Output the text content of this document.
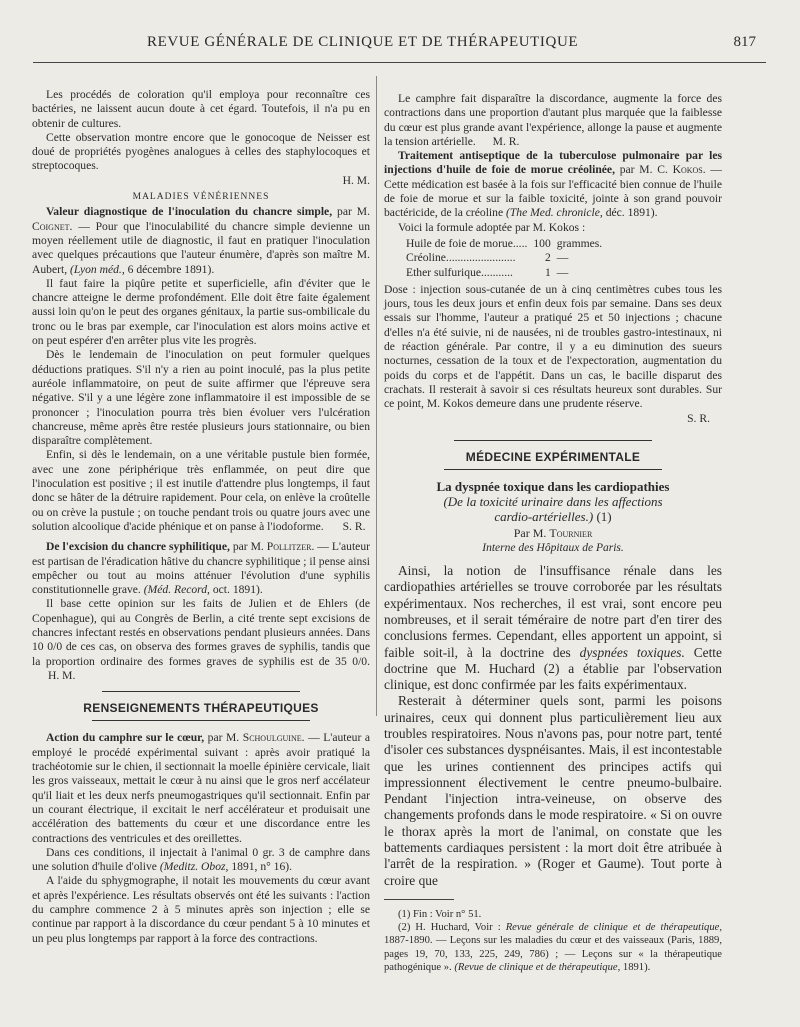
REVUE GÉNÉRALE DE CLINIQUE ET DE THÉRAPEUTIQUE	817

Les procédés de coloration qu'il employa pour reconnaître ces bactéries, ne laissent aucun doute à cet égard. Toutefois, il n'a pu en obtenir de cultures.

Cette observation montre encore que le gonocoque de Neisser est doué de propriétés pyogènes analogues à celles des staphylocoques et streptocoques.
H. M.

MALADIES VÉNÉRIENNES

Valeur diagnostique de l'inoculation du chancre simple, par M. Coignet. — Pour que l'inoculabilité du chancre simple devienne un moyen réellement utile de diagnostic, il faut en pratiquer l'inoculation avec quelques précautions que l'auteur énumère, d'après son maître M. Aubert, (Lyon méd., 6 décembre 1891).

Il faut faire la piqûre petite et superficielle, afin d'éviter que le chancre atteigne le derme profondément. Elle doit être faite également aussi loin qu'on le peut des organes génitaux, la partie sus-ombilicale du tronc ou le bras par exemple, car l'inoculation est alors moins active et on peut espérer d'en arrêter plus vite les progrès.

Dès le lendemain de l'inoculation on peut formuler quelques déductions pratiques. S'il n'y a rien au point inoculé, pas la plus petite auréole inflammatoire, on peut de suite affirmer que l'épreuve sera négative. S'il y a une légère zone inflammatoire il est impossible de se prononcer ; l'inoculation pourra très bien évoluer vers l'ulcération chancreuse, même après être restée plusieurs jours stationnaire, ou bien disparaître complètement.

Enfin, si dès le lendemain, on a une véritable pustule bien formée, avec une zone périphérique très enflammée, on peut dire que l'inoculation est positive ; il est inutile d'attendre plus longtemps, il faut donc se hâter de la détruire rapidement. Pour cela, on enlève la croûtelle ou on crève la pustule ; on touche pendant trois ou quatre jours avec une solution alcoolique d'acide phénique et on panse à l'iodoforme. S. R.

De l'excision du chancre syphilitique, par M. Pollitzer. — L'auteur est partisan de l'éradication hâtive du chancre syphilitique ; il pense ainsi empêcher ou tout au moins atténuer l'évolution d'une syphilis constitutionnelle grave. (Méd. Record, oct. 1891).

Il base cette opinion sur les faits de Julien et de Ehlers (de Copenhague), qui au Congrès de Berlin, a cité trente sept excisions de chancres infectant restés en observations pendant plusieurs années. Dans 10 0/0 de ces cas, on observa des formes graves de syphilis, tandis que la proportion ordinaire des formes graves de syphilis est de 35 0/0. H. M.

RENSEIGNEMENTS THÉRAPEUTIQUES

Action du camphre sur le cœur, par M. Schoulguine. — L'auteur a employé le procédé expérimental suivant : après avoir pratiqué la trachéotomie sur le chien, il sectionnait la moelle épinière cervicale, liait les gros vaisseaux, mettait le cœur à nu ainsi que le gros nerf accélateur qu'il liait et les deux nerfs pneumogastriques qu'il sectionnait. Enfin par un courant électrique, il excitait le nerf accélérateur et produisait une accélération des battements du cœur et une discordance entre les contractions des ventricules et des oreillettes.

Dans ces conditions, il injectait à l'animal 0 gr. 3 de camphre dans une solution d'huile d'olive (Meditz. Oboz, 1891, n° 16).

A l'aide du sphygmographe, il notait les mouvements du cœur avant et après l'expérience. Les résultats observés ont été les suivants : l'action du camphre commence 2 à 5 minutes après son injection ; elle se continue par rapport à la discordance du cœur pendant 5 à 10 minutes et un peu plus longtemps par rapport à la force des contractions.

Le camphre fait disparaître la discordance, augmente la force des contractions dans une proportion d'autant plus marquée que la faiblesse du cœur est plus grande avant l'expérience, allonge la pause et augmente la tension artérielle. M. R.

Traitement antiseptique de la tuberculose pulmonaire par les injections d'huile de foie de morue créolinée, par M. C. Kokos. — Cette médication est basée à la fois sur l'efficacité bien connue de l'huile de foie de morue et sur la faible toxicité, jointe à son grand pouvoir bactéricide, de la créoline (The Med. chronicle, déc. 1891).

Voici la formule adoptée par M. Kokos :

Huile de foie de morue.....	100	grammes.
Créoline........................	2	—
Ether sulfurique...........	1	—

Dose : injection sous-cutanée de un à cinq centimètres cubes tous les jours, tous les deux jours et enfin deux fois par semaine. Dans ses deux essais sur l'homme, l'auteur a pratiqué 25 et 50 injections ; chacune d'elles n'a été suivie, ni de nausées, ni de troubles gastro-intestinaux, ni de réaction générale. Par contre, il y a eu diminution des sueurs nocturnes, cessation de la toux et de l'expectoration, augmentation du poids du corps et de l'appétit. Dans un cas, le bacille disparut des crachats. Il resterait à savoir si ces résultats heureux sont durables. Sur ce point, M. Kokos demeure dans une prudente réserve.

S. R.
MÉDECINE EXPÉRIMENTALE
La dyspnée toxique dans les cardiopathies
(De la toxicité urinaire dans les affections
cardio-artérielles.) (1)
Par M. Tournier
Interne des Hôpitaux de Paris.

Ainsi, la notion de l'insuffisance rénale dans les cardiopathies artérielles se trouve corroborée par les résultats expérimentaux. Nos recherches, il est vrai, sont encore peu nombreuses, et il serait téméraire de notre part d'en tirer des conclusions fermes. Cependant, elles apportent un appoint, si faible soit-il, à la doctrine des dyspnées toxiques. Cette doctrine que M. Huchard (2) a établie par l'observation clinique, est donc confirmée par les faits expérimentaux.

Resterait à déterminer quels sont, parmi les poisons urinaires, ceux qui donnent plus particulièrement lieu aux troubles respiratoires. Nous n'avons pas, pour notre part, tenté d'isoler ces substances dyspnéisantes. Mais, il est incontestable que les urines contiennent des principes actifs qui impressionnent électivement le centre pneumo-bulbaire. Pendant l'injection intra-veineuse, on observe des changements profonds dans le mode respiratoire. « Si on ouvre le thorax après la mort de l'animal, on constate que les battements cardiaques persistent : la mort doit être atribuée à l'arrêt de la respiration. » (Roger et Gaume). Tout porte à croire que

(1) Fin : Voir n° 51.

(2) H. Huchard, Voir : Revue générale de clinique et de thérapeutique, 1887-1890. — Leçons sur les maladies du cœur et des vaisseaux (Paris, 1889, pages 19, 70, 133, 225, 249, 786) ; — Leçons sur « la thérapeutique pathogénique ». (Revue de clinique et de thérapeutique, 1891).
